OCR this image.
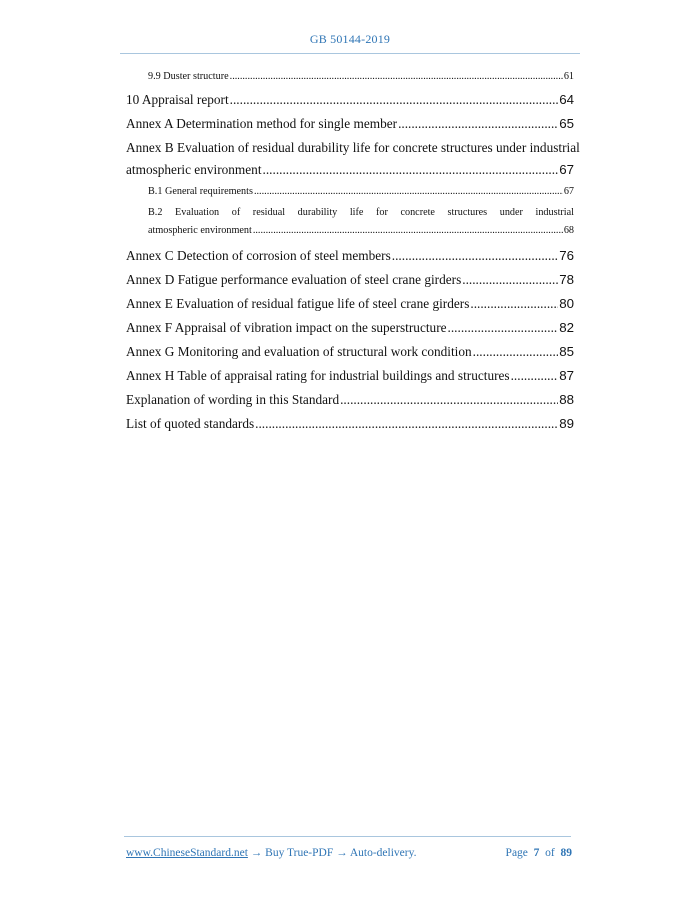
GB 50144-2019
9.9 Duster structure .....	61
10 Appraisal report .....	64
Annex A Determination method for single member .....	65
Annex B Evaluation of residual durability life for concrete structures under industrial
atmospheric environment .....	67
B.1 General requirements .....	67
B.2 Evaluation of residual durability life for concrete structures under industrial
atmospheric environment .....	68
Annex C Detection of corrosion of steel members .....	76
Annex D Fatigue performance evaluation of steel crane girders .....	78
Annex E Evaluation of residual fatigue life of steel crane girders .....	80
Annex F Appraisal of vibration impact on the superstructure .....	82
Annex G Monitoring and evaluation of structural work condition .....	85
Annex H Table of appraisal rating for industrial buildings and structures .....	87
Explanation of wording in this Standard .....	88
List of quoted standards .....	89
www.ChineseStandard.net → Buy True-PDF → Auto-delivery.	Page 7 of 89
